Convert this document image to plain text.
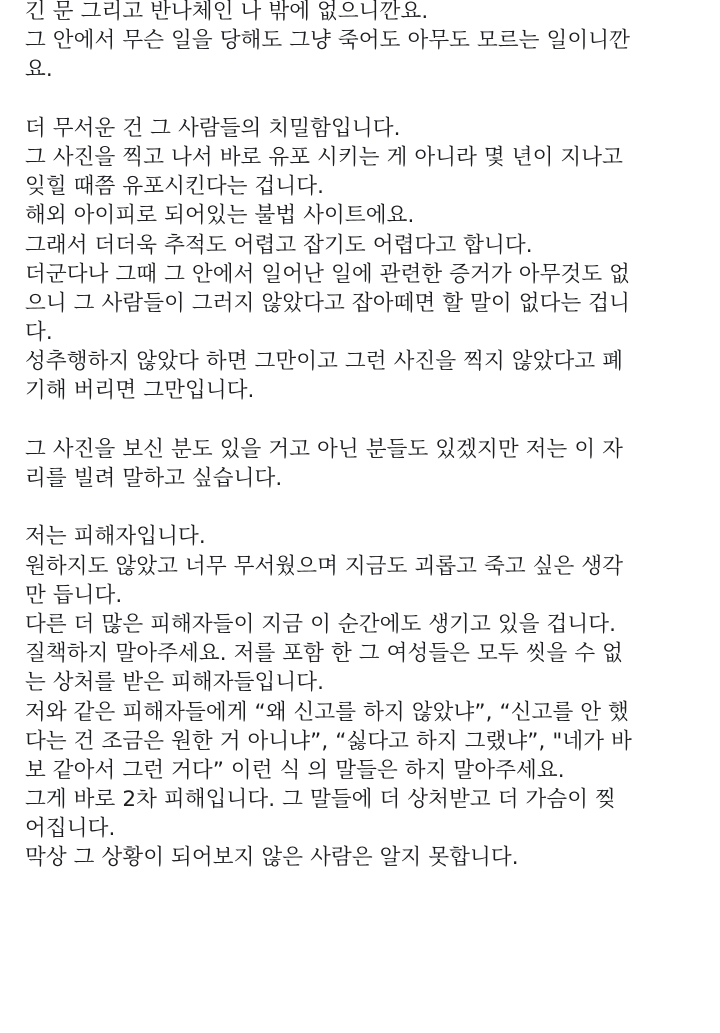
긴 문 그리고 반나체인 나 밖에 없으니깐요.
그 안에서 무슨 일을 당해도 그냥 죽어도 아무도 모르는 일이니깐
요.
더 무서운 건 그 사람들의 치밀함입니다.
그 사진을 찍고 나서 바로 유포 시키는 게 아니라 몇 년이 지나고
잊힐 때쯤 유포시킨다는 겁니다.
해외 아이피로 되어있는 불법 사이트에요.
그래서 더더욱 추적도 어렵고 잡기도 어렵다고 합니다.
더군다나 그때 그 안에서 일어난 일에 관련한 증거가 아무것도 없
으니 그 사람들이 그러지 않았다고 잡아떼면 할 말이 없다는 겁니
다.
성추행하지 않았다 하면 그만이고 그런 사진을 찍지 않았다고 폐
기해 버리면 그만입니다.
그 사진을 보신 분도 있을 거고 아닌 분들도 있겠지만 저는 이 자
리를 빌려 말하고 싶습니다.
저는 피해자입니다.
원하지도 않았고 너무 무서웠으며 지금도 괴롭고 죽고 싶은 생각
만 듭니다.
다른 더 많은 피해자들이 지금 이 순간에도 생기고 있을 겁니다.
질책하지 말아주세요. 저를 포함 한 그 여성들은 모두 씻을 수 없
는 상처를 받은 피해자들입니다.
저와 같은 피해자들에게 “왜 신고를 하지 않았냐”, “신고를 안 했
다는 건 조금은 원한 거 아니냐”, “싫다고 하지 그랬냐”, "네가 바
보 같아서 그런 거다” 이런 식 의 말들은 하지 말아주세요.
그게 바로 2차 피해입니다. 그 말들에 더 상처받고 더 가슴이 찢
어집니다.
막상 그 상황이 되어보지 않은 사람은 알지 못합니다.
